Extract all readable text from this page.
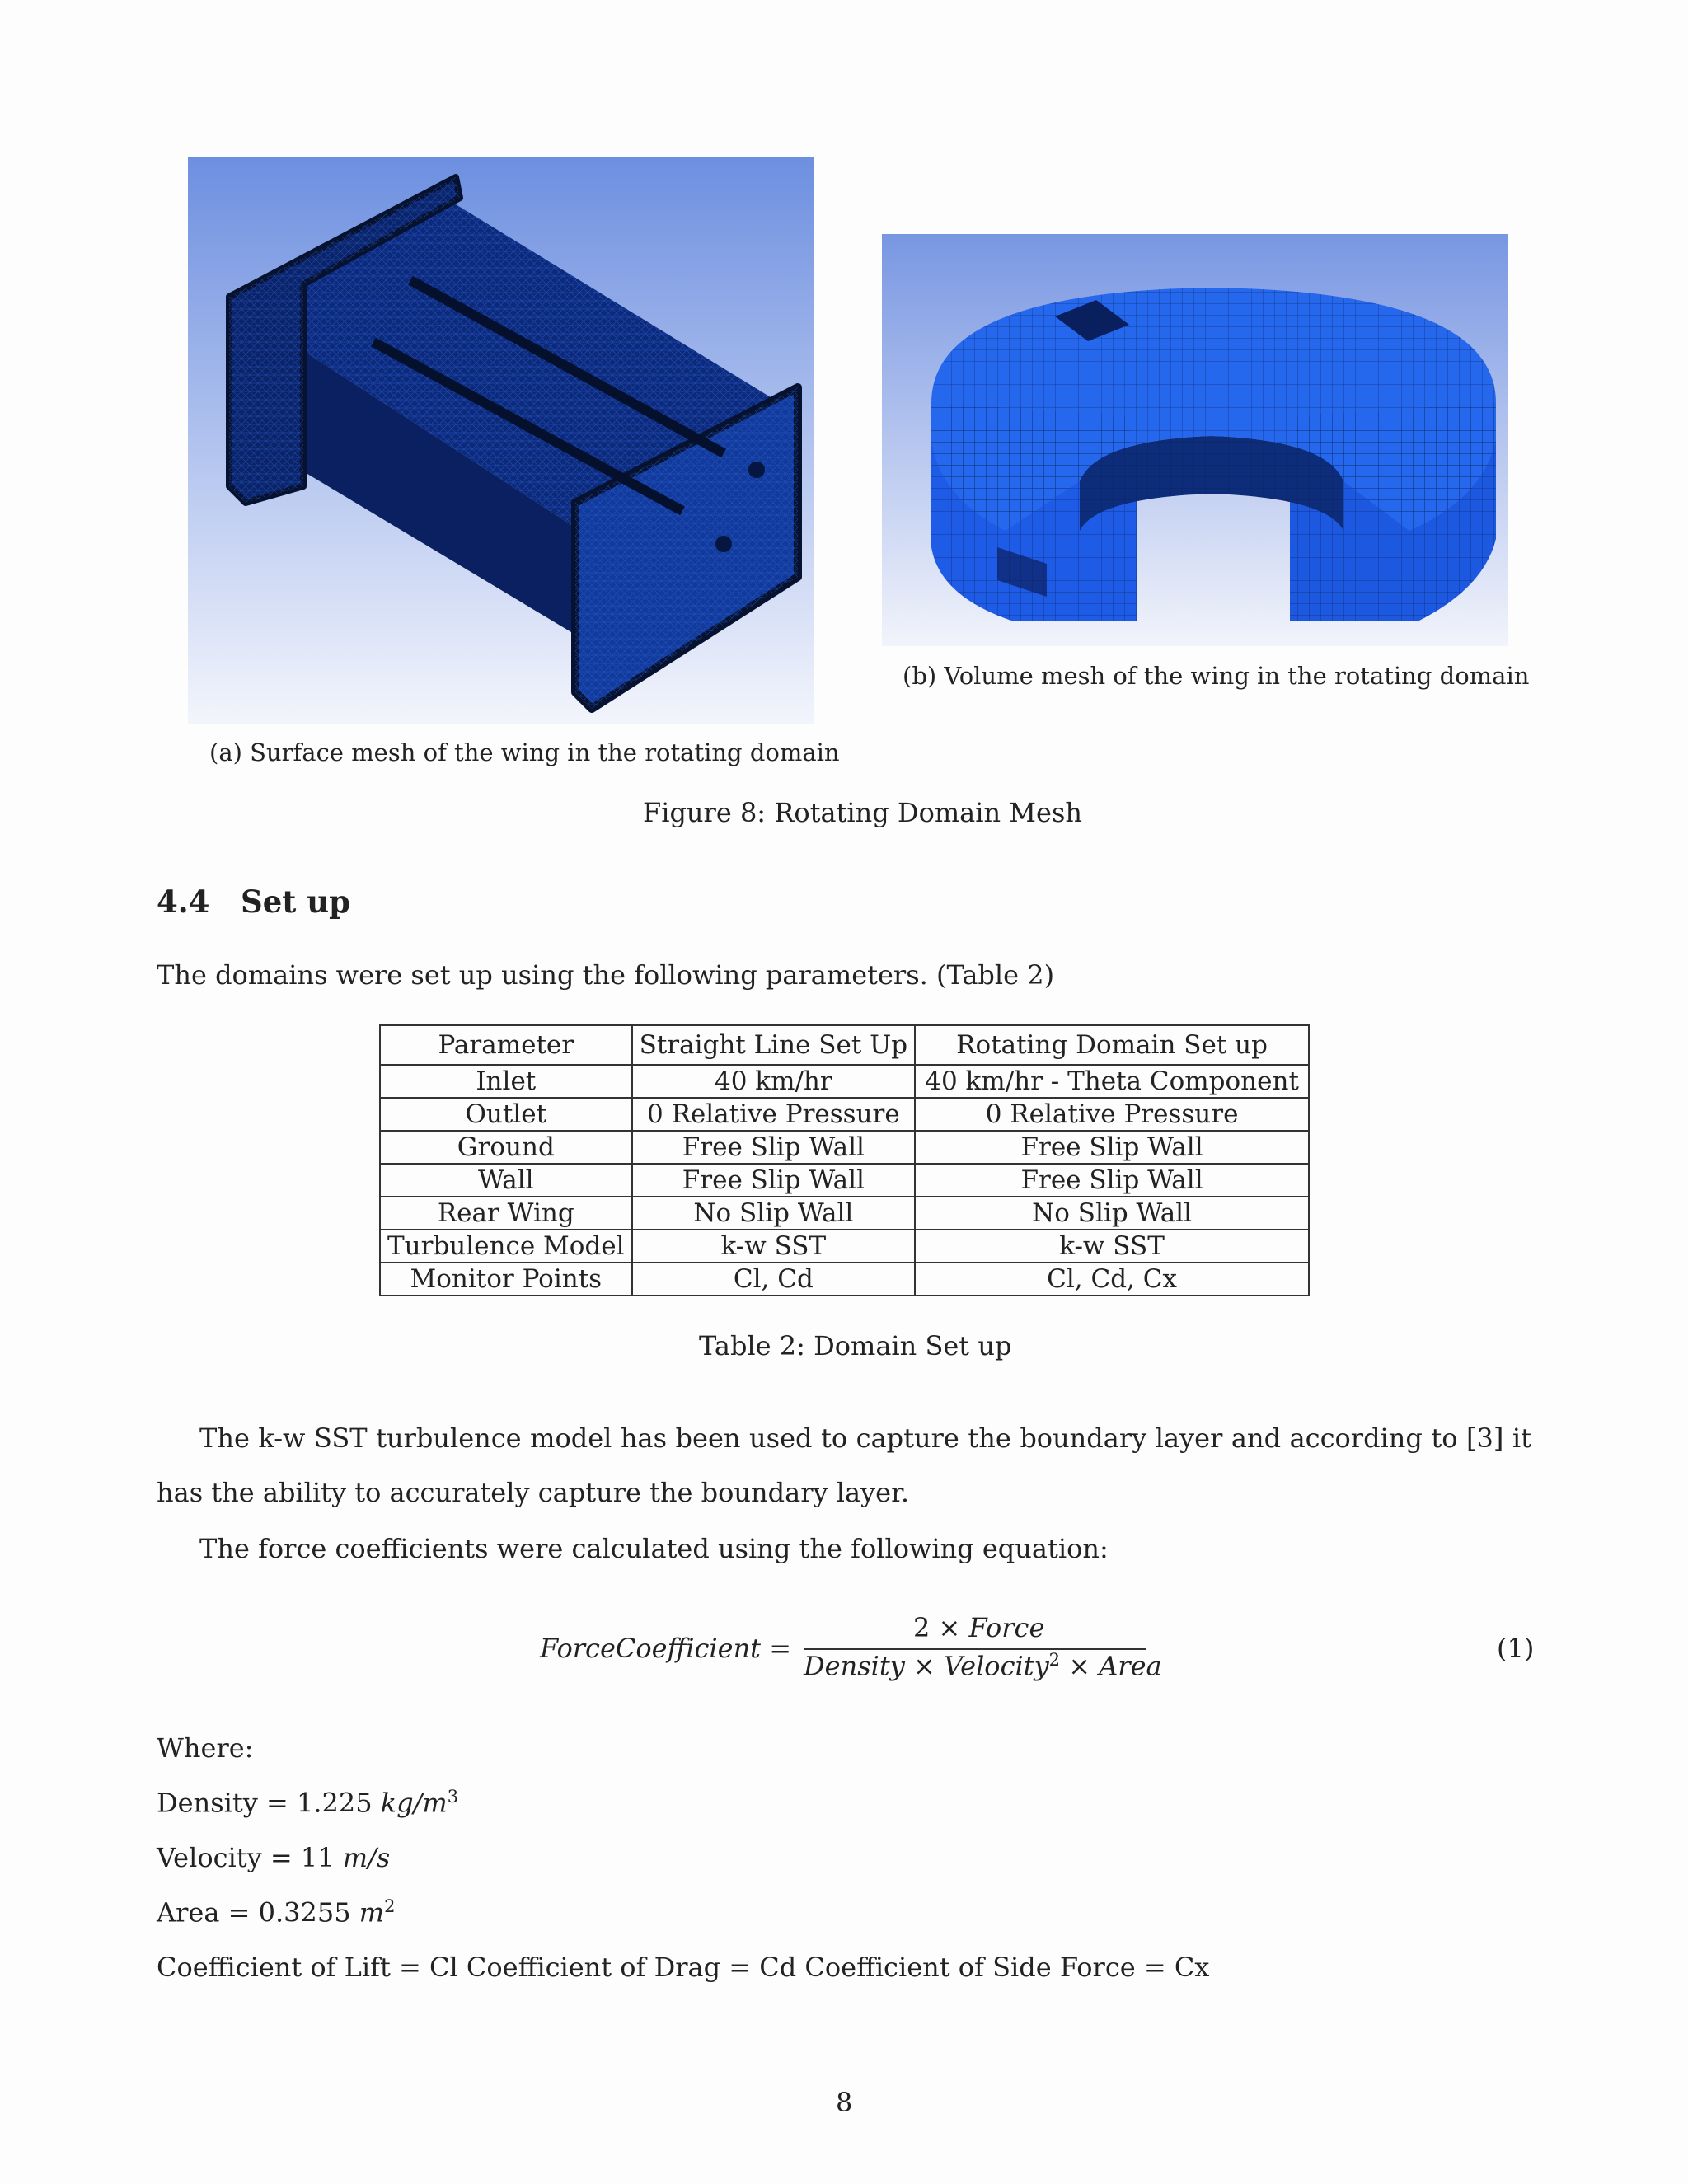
(b) Volume mesh of the wing in the rotating domain
(a) Surface mesh of the wing in the rotating domain
Figure 8: Rotating Domain Mesh
4.4 Set up
The domains were set up using the following parameters. (Table 2)
Parameter	Straight Line Set Up	Rotating Domain Set up
Inlet	40 km/hr	40 km/hr - Theta Component
Outlet	0 Relative Pressure	0 Relative Pressure
Ground	Free Slip Wall	Free Slip Wall
Wall	Free Slip Wall	Free Slip Wall
Rear Wing	No Slip Wall	No Slip Wall
Turbulence Model	k-w SST	k-w SST
Monitor Points	Cl, Cd	Cl, Cd, Cx
Table 2: Domain Set up
The k-w SST turbulence model has been used to capture the boundary layer and according to [3] it has the ability to accurately capture the boundary layer.
The force coefficients were calculated using the following equation:
ForceCoefficient =
2 × Force
Density × Velocity$^2$ × Area
(1)
Where:
Density = 1.225 $kg/m^3$
Velocity = 11 m/s
Area = 0.3255 $m^2$
Coefficient of Lift = Cl Coefficient of Drag = Cd Coefficient of Side Force = Cx
8
